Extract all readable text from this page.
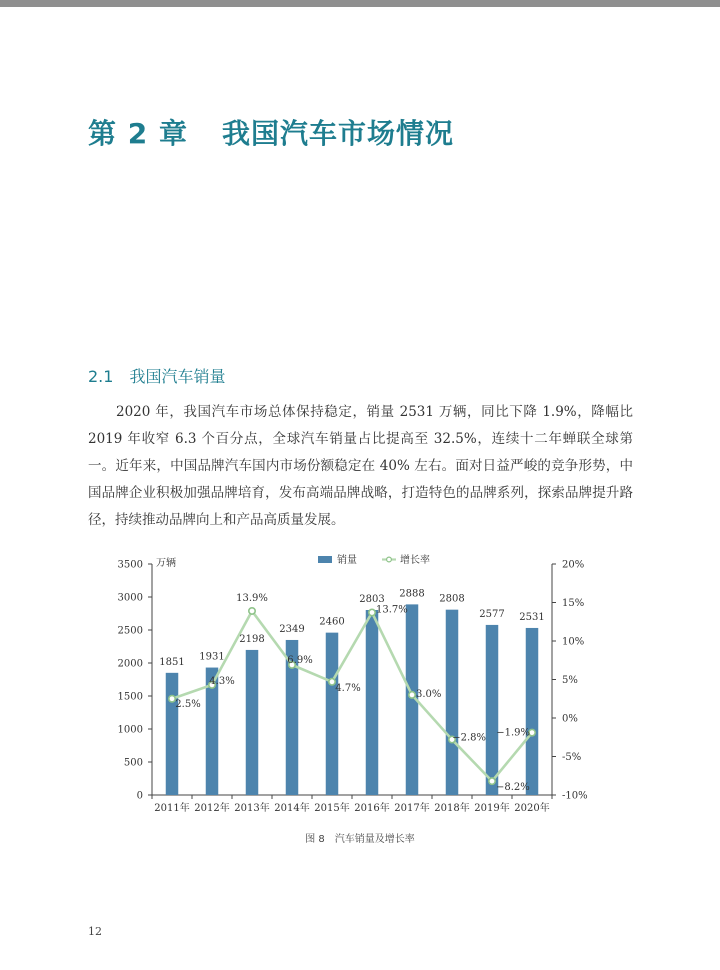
第 2 章 我国汽车市场情况
2.1 我国汽车销量

2020 年，我国汽车市场总体保持稳定，销量 2531 万辆，同比下降 1.9%，降幅比 2019 年收窄 6.3 个百分点，全球汽车销量占比提高至 32.5%，连续十二年蝉联全球第一。近年来，中国品牌汽车国内市场份额稳定在 40% 左右。面对日益严峻的竞争形势，中国品牌企业积极加强品牌培育，发布高端品牌战略，打造特色的品牌系列，探索品牌提升路径，持续推动品牌向上和产品高质量发展。

0
500
1000
1500
2000
2500
3000
3500
-10%
-5%
0%
5%
10%
15%
20%
万辆
2011年 2012年 2013年 2014年 2015年 2016年 2017年 2018年 2019年 2020年
1851 1931
2198
2349
2460
2803
2888 2808
2577 2531
2.5%
4.3%
13.9%
6.9%
4.7%
13.7%
3.0%
−2.8%
−8.2%
−1.9%
销量	增长率
图 8 汽车销量及增长率
12
